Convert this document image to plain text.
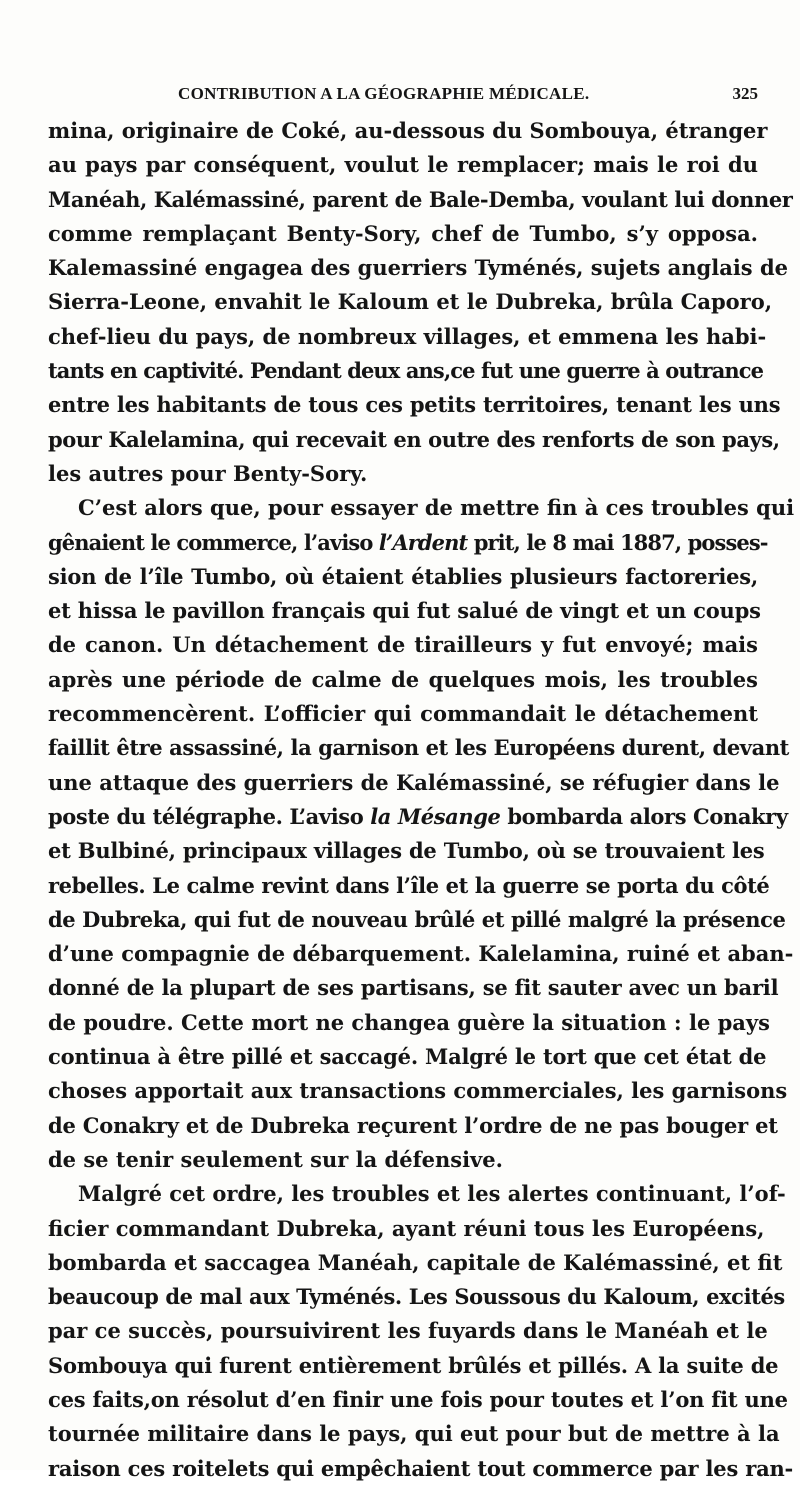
CONTRIBUTION A LA GÉOGRAPHIE MÉDICALE.	325
mina, originaire de Coké, au-dessous du Sombouya, étranger
au pays par conséquent, voulut le remplacer; mais le roi du
Manéah, Kalémassiné, parent de Bale-Demba, voulant lui donner
comme remplaçant Benty-Sory, chef de Tumbo, s’y opposa.
Kalemassiné engagea des guerriers Tyménés, sujets anglais de
Sierra-Leone, envahit le Kaloum et le Dubreka, brûla Caporo,
chef-lieu du pays, de nombreux villages, et emmena les habi-
tants en captivité. Pendant deux ans,ce fut une guerre à outrance
entre les habitants de tous ces petits territoires, tenant les uns
pour Kalelamina, qui recevait en outre des renforts de son pays,
les autres pour Benty-Sory.
C’est alors que, pour essayer de mettre fin à ces troubles qui
gênaient le commerce, l’aviso l’Ardent prit, le 8 mai 1887, posses-
sion de l’île Tumbo, où étaient établies plusieurs factoreries,
et hissa le pavillon français qui fut salué de vingt et un coups
de canon. Un détachement de tirailleurs y fut envoyé; mais
après une période de calme de quelques mois, les troubles
recommencèrent. L’officier qui commandait le détachement
faillit être assassiné, la garnison et les Européens durent, devant
une attaque des guerriers de Kalémassiné, se réfugier dans le
poste du télégraphe. L’aviso la Mésange bombarda alors Conakry
et Bulbiné, principaux villages de Tumbo, où se trouvaient les
rebelles. Le calme revint dans l’île et la guerre se porta du côté
de Dubreka, qui fut de nouveau brûlé et pillé malgré la présence
d’une compagnie de débarquement. Kalelamina, ruiné et aban-
donné de la plupart de ses partisans, se fit sauter avec un baril
de poudre. Cette mort ne changea guère la situation : le pays
continua à être pillé et saccagé. Malgré le tort que cet état de
choses apportait aux transactions commerciales, les garnisons
de Conakry et de Dubreka reçurent l’ordre de ne pas bouger et
de se tenir seulement sur la défensive.
Malgré cet ordre, les troubles et les alertes continuant, l’of-
ficier commandant Dubreka, ayant réuni tous les Européens,
bombarda et saccagea Manéah, capitale de Kalémassiné, et fit
beaucoup de mal aux Tyménés. Les Soussous du Kaloum, excités
par ce succès, poursuivirent les fuyards dans le Manéah et le
Sombouya qui furent entièrement brûlés et pillés. A la suite de
ces faits,on résolut d’en finir une fois pour toutes et l’on fit une
tournée militaire dans le pays, qui eut pour but de mettre à la
raison ces roitelets qui empêchaient tout commerce par les ran-
